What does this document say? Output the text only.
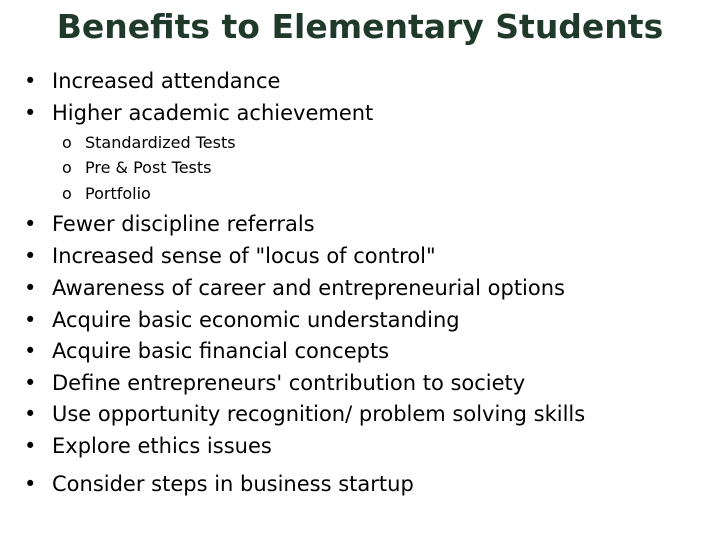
Benefits to Elementary Students
• Increased attendance
• Higher academic achievement
o Standardized Tests
o Pre & Post Tests
o Portfolio
• Fewer discipline referrals
• Increased sense of "locus of control"
• Awareness of career and entrepreneurial options
• Acquire basic economic understanding
• Acquire basic financial concepts
• Define entrepreneurs' contribution to society
• Use opportunity recognition/ problem solving skills
• Explore ethics issues
• Consider steps in business startup
